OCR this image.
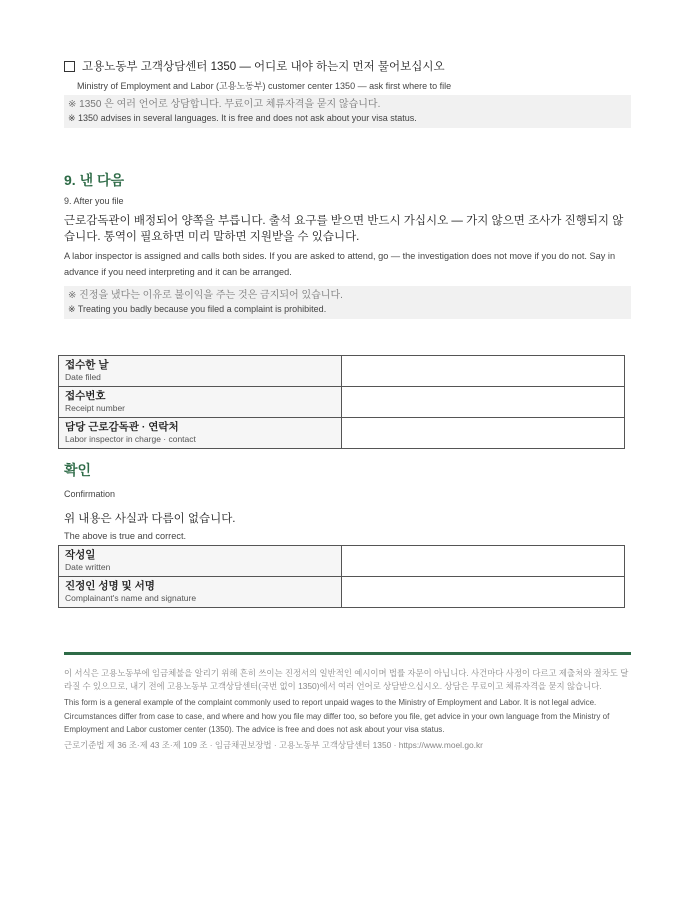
고용노동부 고객상담센터 1350 — 어디로 내야 하는지 먼저 물어보십시오
Ministry of Employment and Labor (고용노동부) customer center 1350 — ask first where to file
※ 1350 은 여러 언어로 상담합니다. 무료이고 체류자격을 묻지 않습니다.
※ 1350 advises in several languages. It is free and does not ask about your visa status.
9. 낸 다음
9. After you file
근로감독관이 배정되어 양쪽을 부릅니다. 출석 요구를 받으면 반드시 가십시오 — 가지 않으면 조사가 진행되지 않습니다. 통역이 필요하면 미리 말하면 지원받을 수 있습니다.
A labor inspector is assigned and calls both sides. If you are asked to attend, go — the investigation does not move if you do not. Say in advance if you need interpreting and it can be arranged.
※ 진정을 냈다는 이유로 불이익을 주는 것은 금지되어 있습니다.
※ Treating you badly because you filed a complaint is prohibited.
접수한 날
Date filed	

접수번호
Receipt number	

담당 근로감독관 · 연락처
Labor inspector in charge · contact	

확인
Confirmation
위 내용은 사실과 다름이 없습니다.
The above is true and correct.
작성일
Date written	

진정인 성명 및 서명
Complainant's name and signature	

이 서식은 고용노동부에 임금체불을 알리기 위해 흔히 쓰이는 진정서의 일반적인 예시이며 법률 자문이 아닙니다. 사건마다 사정이 다르고 제출처와 절차도 달라질 수 있으므로, 내기 전에 고용노동부 고객상담센터(국번 없이 1350)에서 여러 언어로 상담받으십시오. 상담은 무료이고 체류자격을 묻지 않습니다.
This form is a general example of the complaint commonly used to report unpaid wages to the Ministry of Employment and Labor. It is not legal advice. Circumstances differ from case to case, and where and how you file may differ too, so before you file, get advice in your own language from the Ministry of Employment and Labor customer center (1350). The advice is free and does not ask about your visa status.
근로기준법 제 36 조·제 43 조·제 109 조 · 임금채권보장법 · 고용노동부 고객상담센터 1350 · https://www.moel.go.kr
